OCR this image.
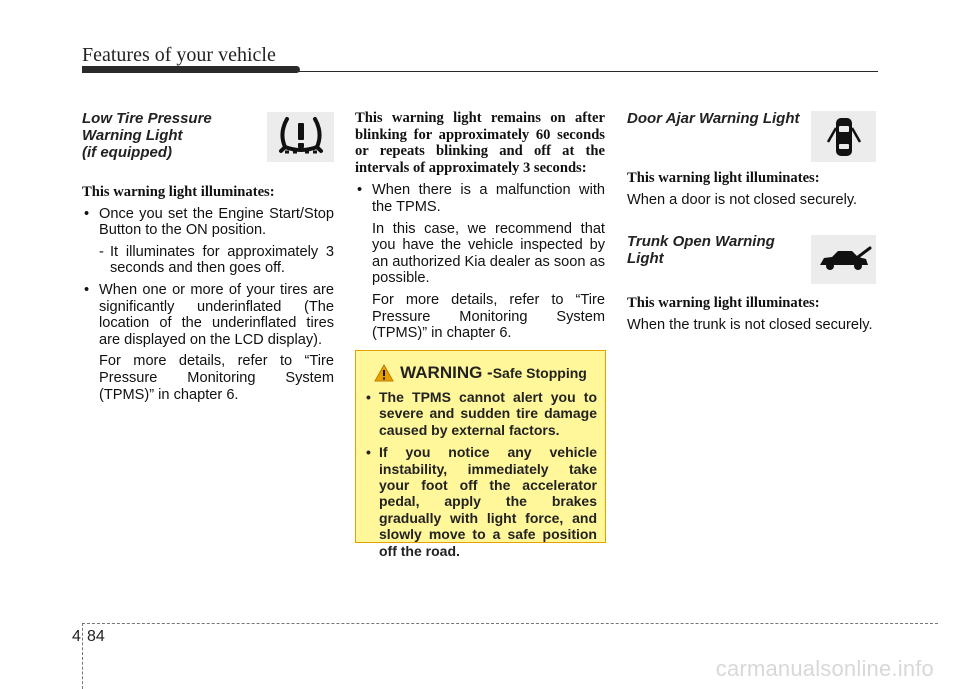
Features of your vehicle
Low Tire Pressure
Warning Light
(if equipped)
This warning light illuminates:
• Once you set the Engine Start/Stop Button to the ON position.
- It illuminates for approximately 3 seconds and then goes off.
• When one or more of your tires are significantly underinflated (The location of the underinflated tires are displayed on the LCD display).
For more details, refer to “Tire Pressure Monitoring System (TPMS)” in chapter 6.
This warning light remains on after blinking for approximately 60 seconds or repeats blinking and off at the intervals of approximately 3 seconds:
• When there is a malfunction with the TPMS.
In this case, we recommend that you have the vehicle inspected by an authorized Kia dealer as soon as possible.
For more details, refer to “Tire Pressure Monitoring System (TPMS)” in chapter 6.
WARNING - Safe Stopping
• The TPMS cannot alert you to severe and sudden tire damage caused by external factors.
• If you notice any vehicle instability, immediately take your foot off the accelerator pedal, apply the brakes gradually with light force, and slowly move to a safe position off the road.
Door Ajar Warning Light
This warning light illuminates:
When a door is not closed securely.
Trunk Open Warning
Light
This warning light illuminates:
When the trunk is not closed securely.
4 84
carmanualsonline.info
